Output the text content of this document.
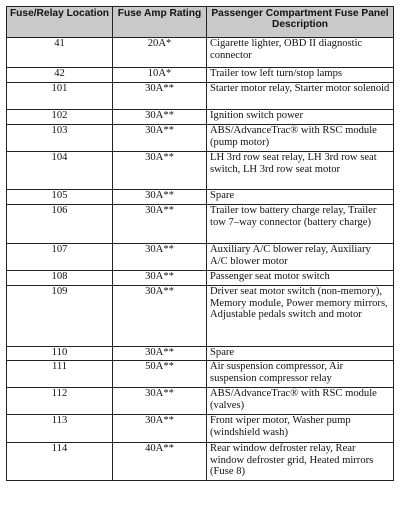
Fuse/Relay Location	Fuse Amp Rating	Passenger Compartment Fuse Panel Description
41	20A*	Cigarette lighter, OBD II diagnostic connector
42	10A*	Trailer tow left turn/stop lamps
101	30A**	Starter motor relay, Starter motor solenoid
102	30A**	Ignition switch power
103	30A**	ABS/AdvanceTrac® with RSC module (pump motor)
104	30A**	LH 3rd row seat relay, LH 3rd row seat switch, LH 3rd row seat motor
105	30A**	Spare
106	30A**	Trailer tow battery charge relay, Trailer tow 7–way connector (battery charge)
107	30A**	Auxiliary A/C blower relay, Auxiliary A/C blower motor
108	30A**	Passenger seat motor switch
109	30A**	Driver seat motor switch (non-memory), Memory module, Power memory mirrors, Adjustable pedals switch and motor
110	30A**	Spare
111	50A**	Air suspension compressor, Air suspension compressor relay
112	30A**	ABS/AdvanceTrac® with RSC module (valves)
113	30A**	Front wiper motor, Washer pump (windshield wash)
114	40A**	Rear window defroster relay, Rear window defroster grid, Heated mirrors (Fuse 8)
